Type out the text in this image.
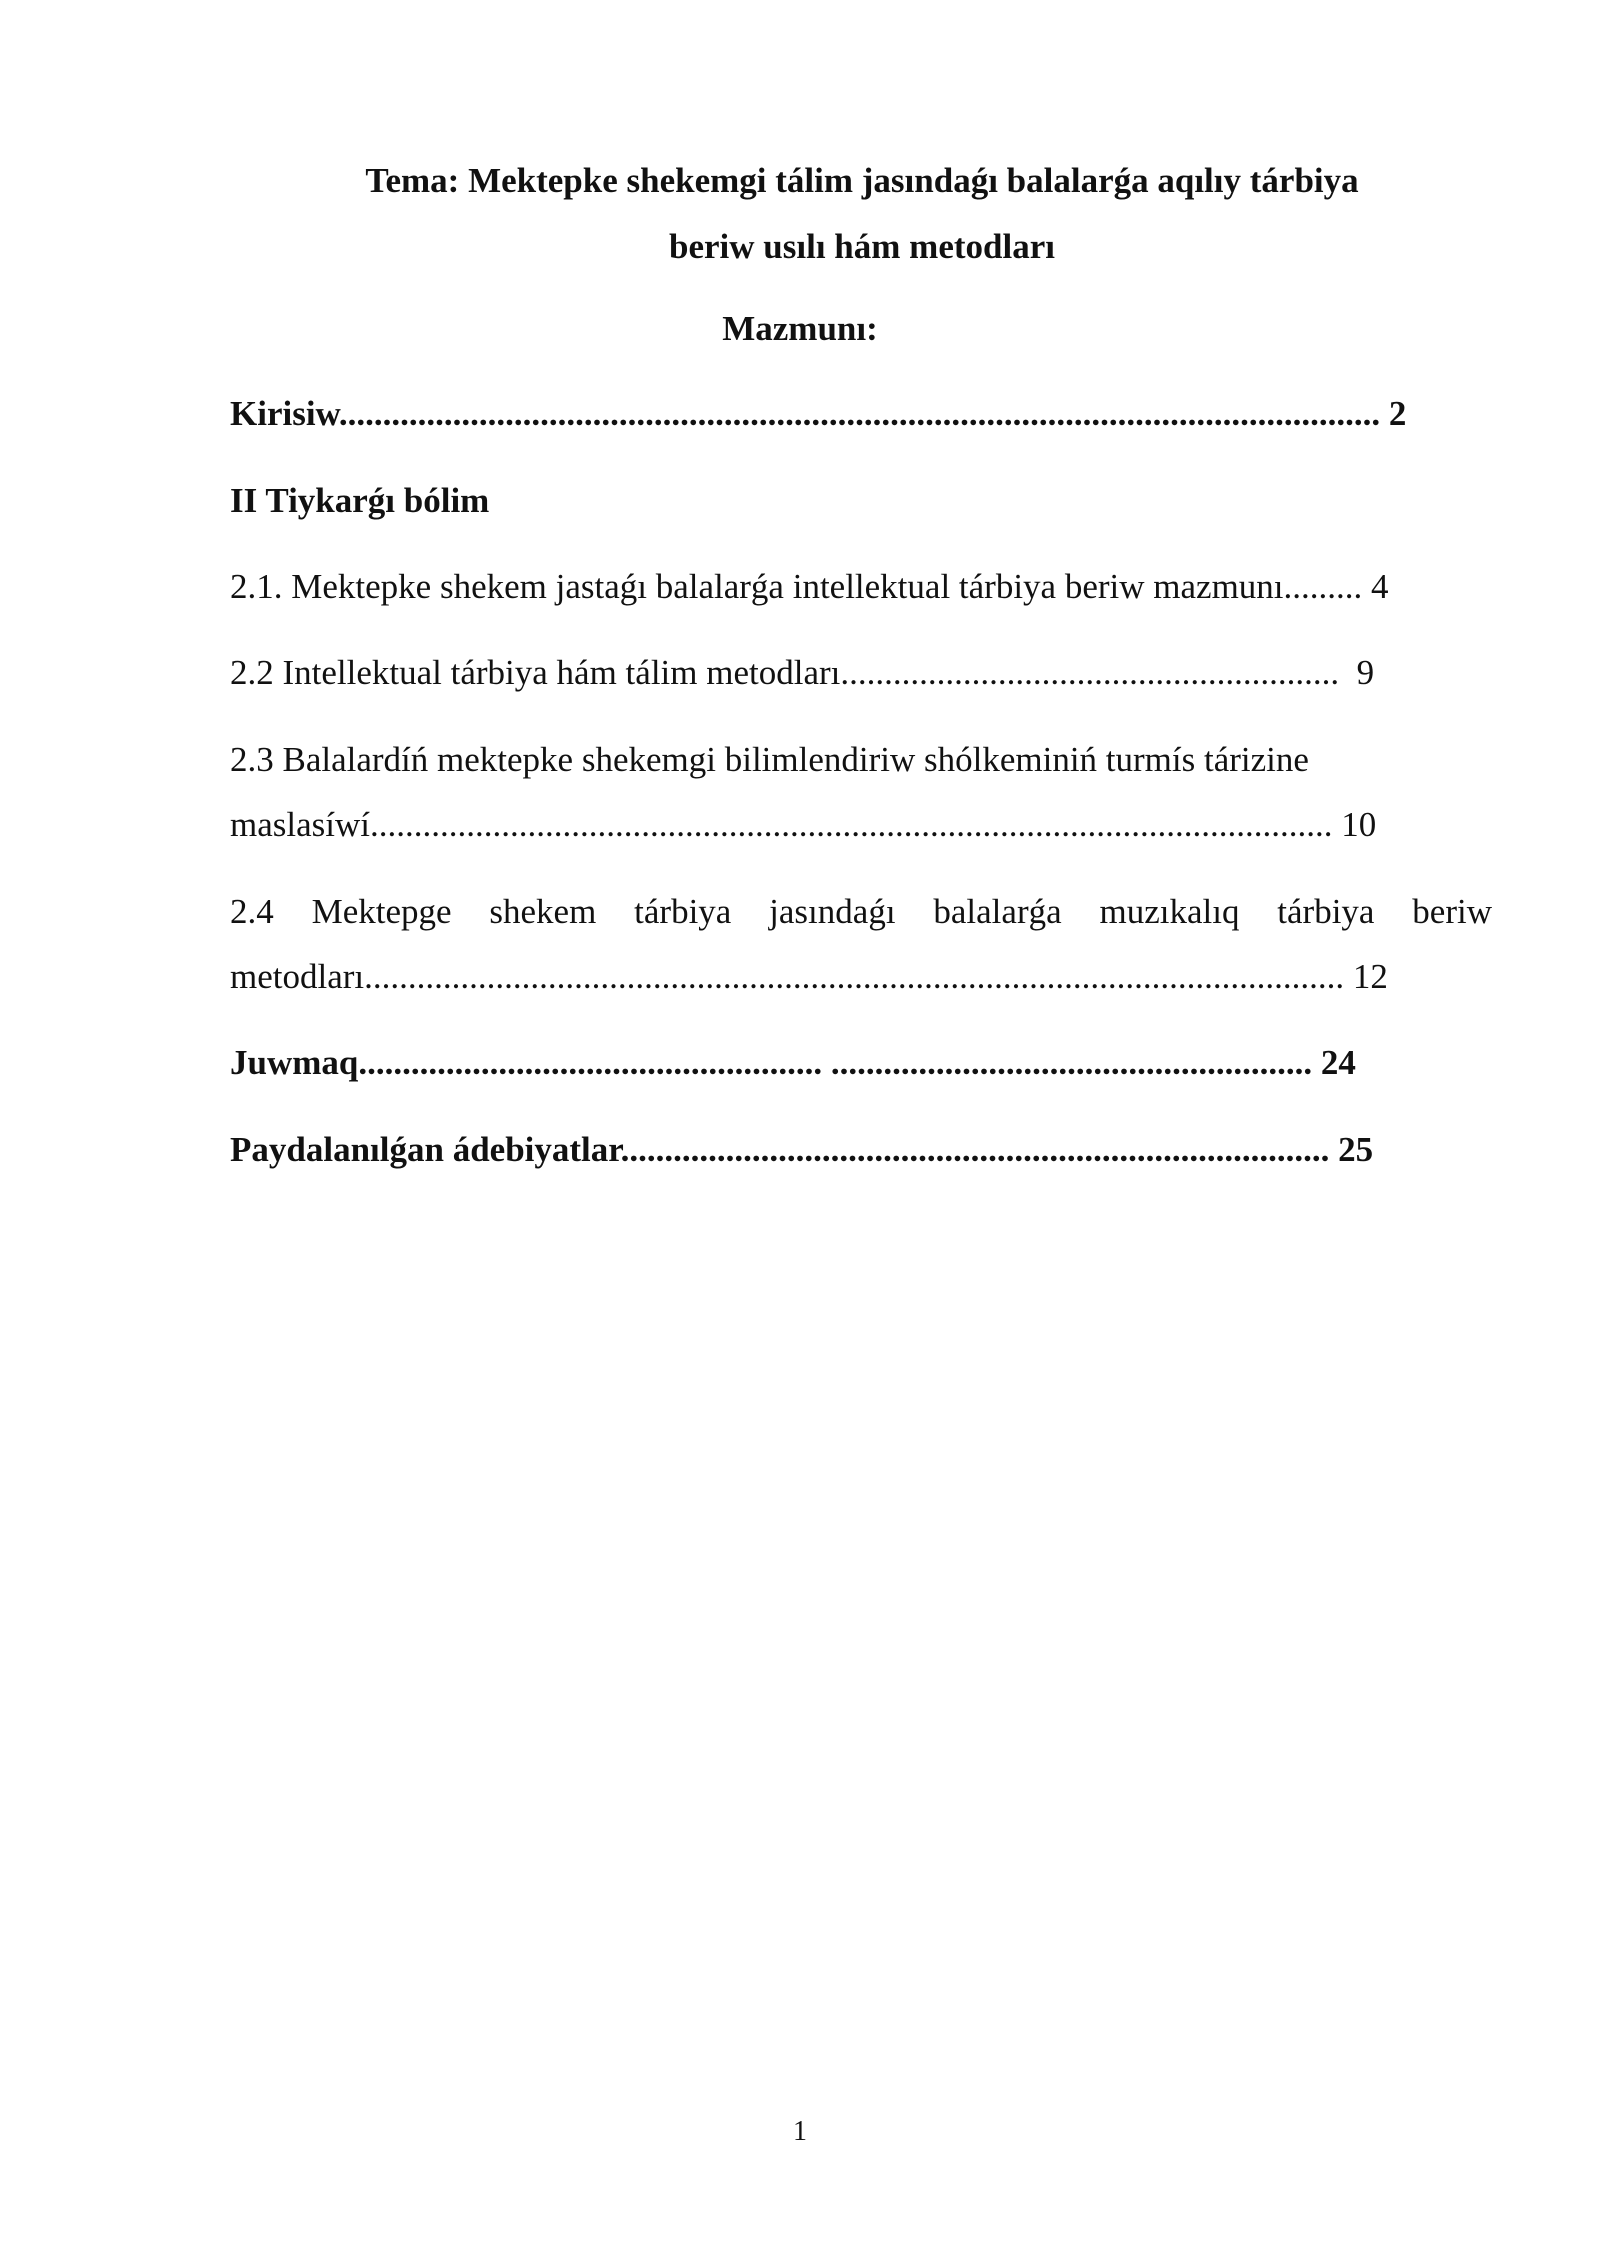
Tema: Mektepke shekemgi tálim jasındaǵı balalarǵa aqılıy tárbiya
beriw usılı hám metodları
Mazmunı:
Kirisiw....................................................................................................................... 2
II Tiykarǵı bólim
2.1. Mektepke shekem jastaǵı balalarǵa intellektual tárbiya beriw mazmunı......... 4
2.2 Intellektual tárbiya hám tálim metodları.........................................................  9
2.3 Balalardíń mektepke shekemgi bilimlendiriw shólkeminiń turmís tárizine
maslasíwí.............................................................................................................. 10
2.4 Mektepge shekem tárbiya jasındaǵı balalarǵa muzıkalıq tárbiya beriw
metodları................................................................................................................ 12
Juwmaq..................................................... ....................................................... 24
Paydalanılǵan ádebiyatlar................................................................................. 25
1
